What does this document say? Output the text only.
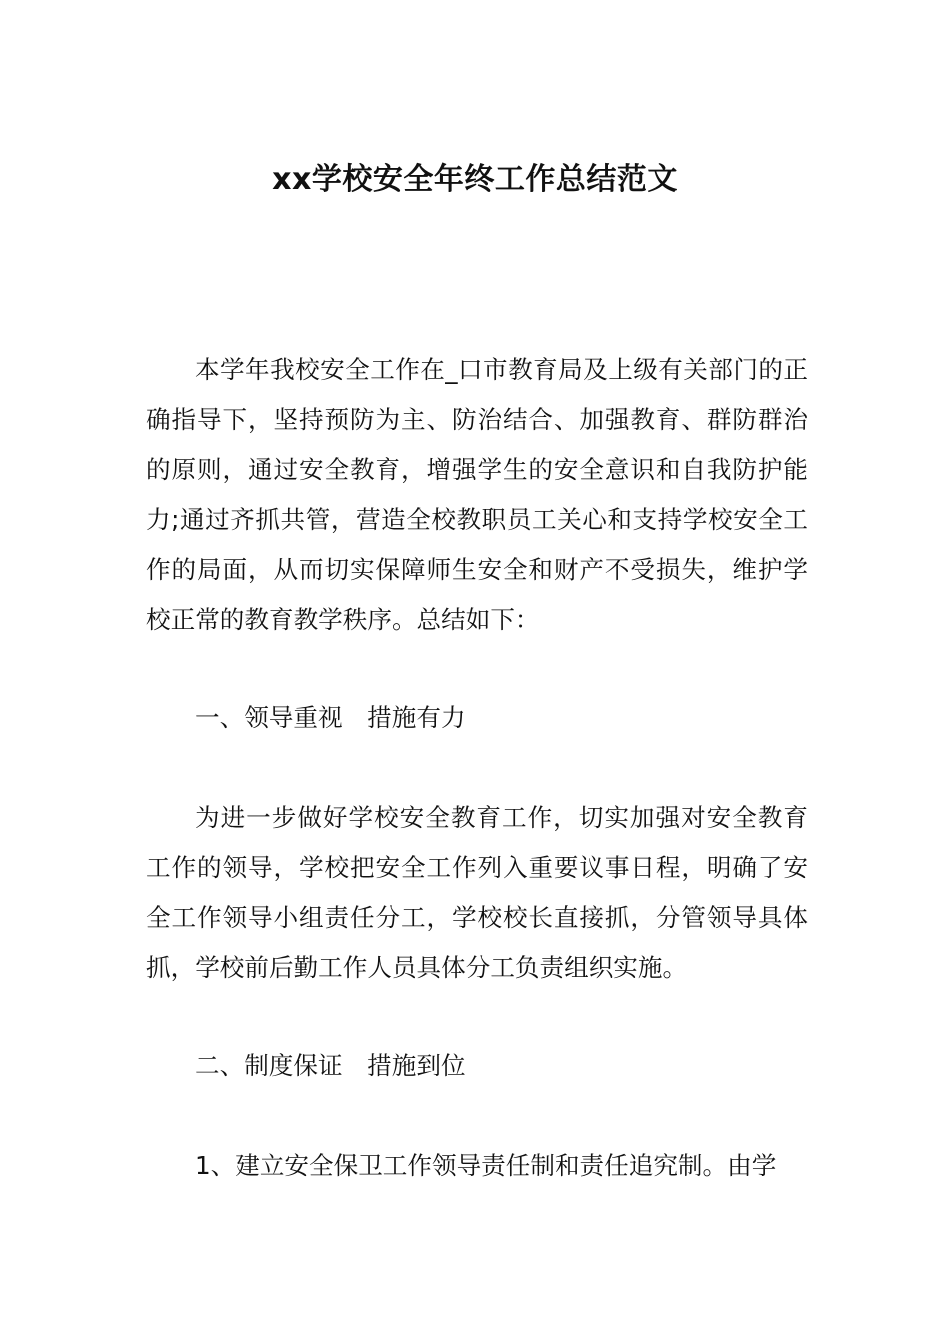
xx学校安全年终工作总结范文

本学年我校安全工作在_口市教育局及上级有关部门的正确指导下，坚持预防为主、防治结合、加强教育、群防群治的原则，通过安全教育，增强学生的安全意识和自我防护能力;通过齐抓共管，营造全校教职员工关心和支持学校安全工作的局面，从而切实保障师生安全和财产不受损失，维护学校正常的教育教学秩序。总结如下：

一、领导重视　措施有力

为进一步做好学校安全教育工作，切实加强对安全教育工作的领导，学校把安全工作列入重要议事日程，明确了安全工作领导小组责任分工，学校校长直接抓，分管领导具体抓，学校前后勤工作人员具体分工负责组织实施。

二、制度保证　措施到位

1、建立安全保卫工作领导责任制和责任追究制。由学
